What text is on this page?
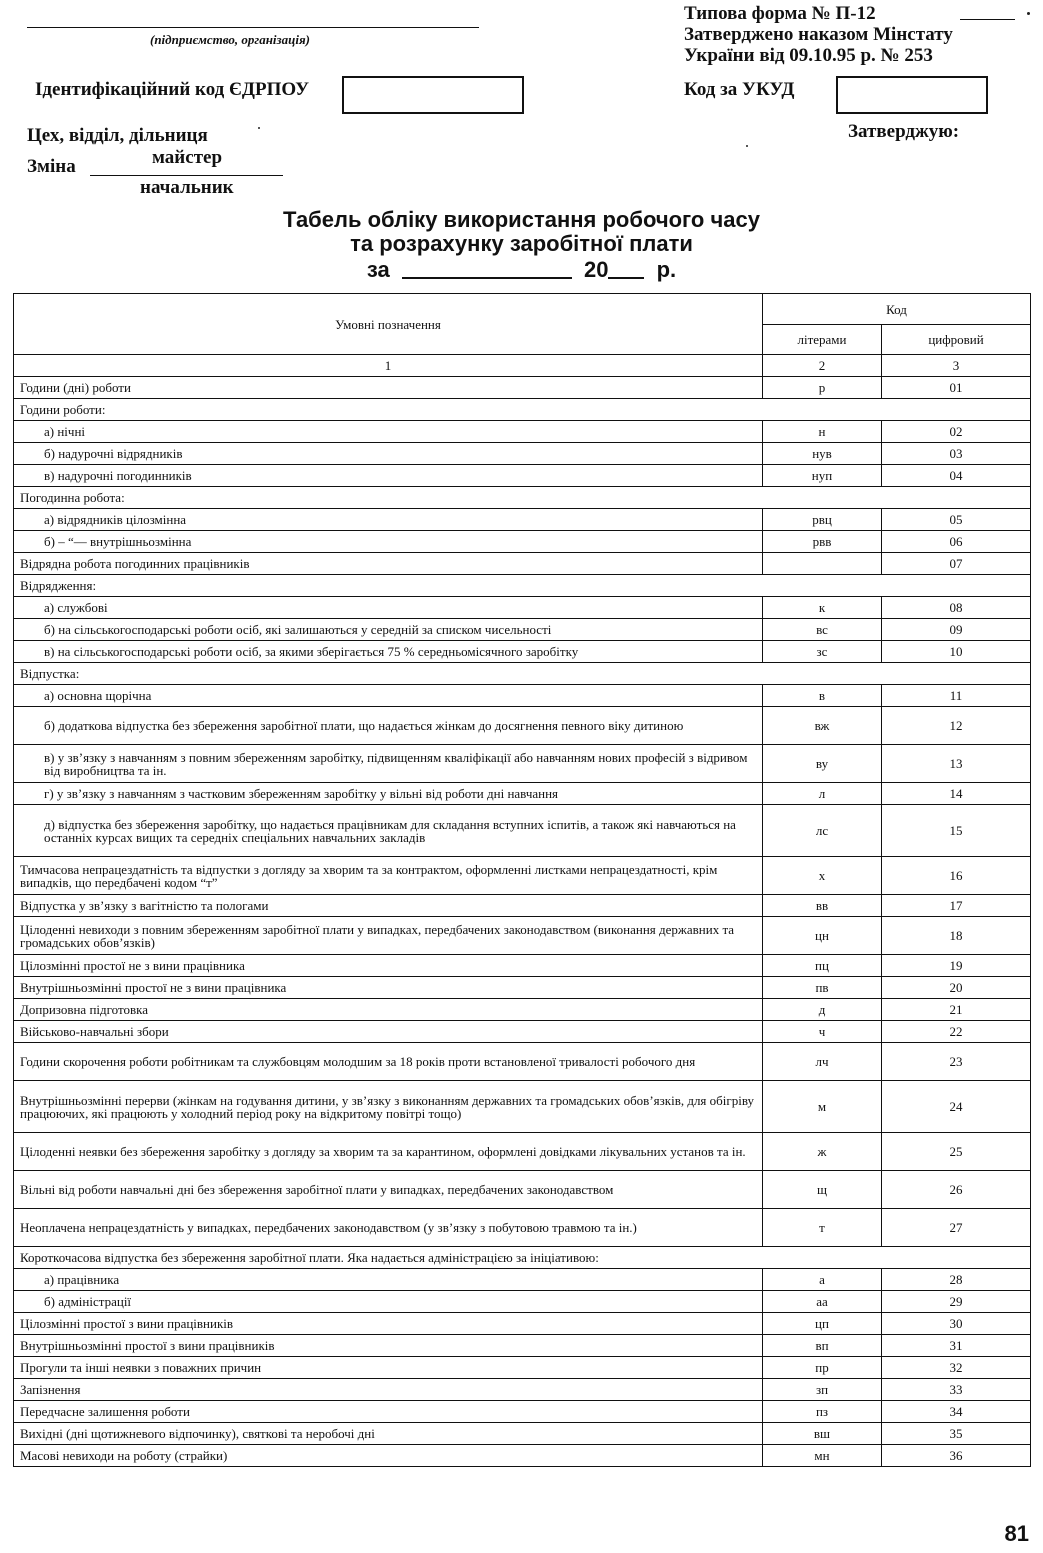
(підприємство, організація)
Типова форма № П-12
Затверджено наказом Мінстату
України від 09.10.95 р. № 253
Ідентифікаційний код ЄДРПОУ	Код за УКУД
Цех, відділ, дільниця	Затверджую:
Зміна	майстер
начальник
Табель обліку використання робочого часу
та розрахунку заробітної плати
за	20 р.
Умовні позначення	Код	
	літерами	цифровий
1	2	3
Години (дні) роботи	р	01
Години роботи:		
а) нічні	н	02
б) надурочні відрядників	нув	03
в) надурочні погодинників	нуп	04
Погодинна робота:		
а) відрядників цілозмінна	рвц	05
б) – “— внутрішньозмінна	рвв	06
Відрядна робота погодинних працівників		07
Відрядження:		
а) службові	к	08
б) на сільськогосподарські роботи осіб, які залишаються у середній за списком чисельності	вс	09
в) на сільськогосподарські роботи осіб, за якими зберігається 75 % середньомісячного заробітку	зс	10
Відпустка:		
а) основна щорічна	в	11
б) додаткова відпустка без збереження заробітної плати, що надається жінкам до досягнення певного віку дитиною	вж	12
в) у зв’язку з навчанням з повним збереженням заробітку, підвищенням кваліфікації або навчанням нових професій з відривом від виробництва та ін.	ву	13
г) у зв’язку з навчанням з частковим збереженням заробітку у вільні від роботи дні навчання	л	14
д) відпустка без збереження заробітку, що надається працівникам для складання вступних іспитів, а також які навчаються на останніх курсах вищих та середніх спеціальних навчальних закладів	лс	15
Тимчасова непрацездатність та відпустки з догляду за хворим та за контрактом, оформленні листками непрацездатності, крім випадків, що передбачені кодом “т”	х	16
Відпустка у зв’язку з вагітністю та пологами	вв	17
Цілоденні невиходи з повним збереженням заробітної плати у випадках, передбачених законодавством (виконання державних та громадських обов’язків)	цн	18
Цілозмінні простої не з вини працівника	пц	19
Внутрішньозмінні простої не з вини працівника	пв	20
Допризовна підготовка	д	21
Військово-навчальні збори	ч	22
Години скорочення роботи робітникам та службовцям молодшим за 18 років проти встановленої тривалості робочого дня	лч	23
Внутрішньозмінні перерви (жінкам на годування дитини, у зв’язку з виконанням державних та громадських обов’язків, для обігріву працюючих, які працюють у холодний період року на відкритому повітрі тощо)	м	24
Цілоденні неявки без збереження заробітку з догляду за хворим та за карантином, оформлені довідками лікувальних установ та ін.	ж	25
Вільні від роботи навчальні дні без збереження заробітної плати у випадках, передбачених законодавством	щ	26
Неоплачена непрацездатність у випадках, передбачених законодавством (у зв’язку з побутовою травмою та ін.)	т	27
Короткочасова відпустка без збереження заробітної плати. Яка надається адміністрацією за ініціативою:		
а) працівника	а	28
б) адміністрації	аа	29
Цілозмінні простої з вини працівників	цп	30
Внутрішньозмінні простої з вини працівників	вп	31
Прогули та інші неявки з поважних причин	пр	32
Запізнення	зп	33
Передчасне залишення роботи	пз	34
Вихідні (дні щотижневого відпочинку), святкові та неробочі дні	вш	35
Масові невиходи на роботу (страйки)	мн	36
81
